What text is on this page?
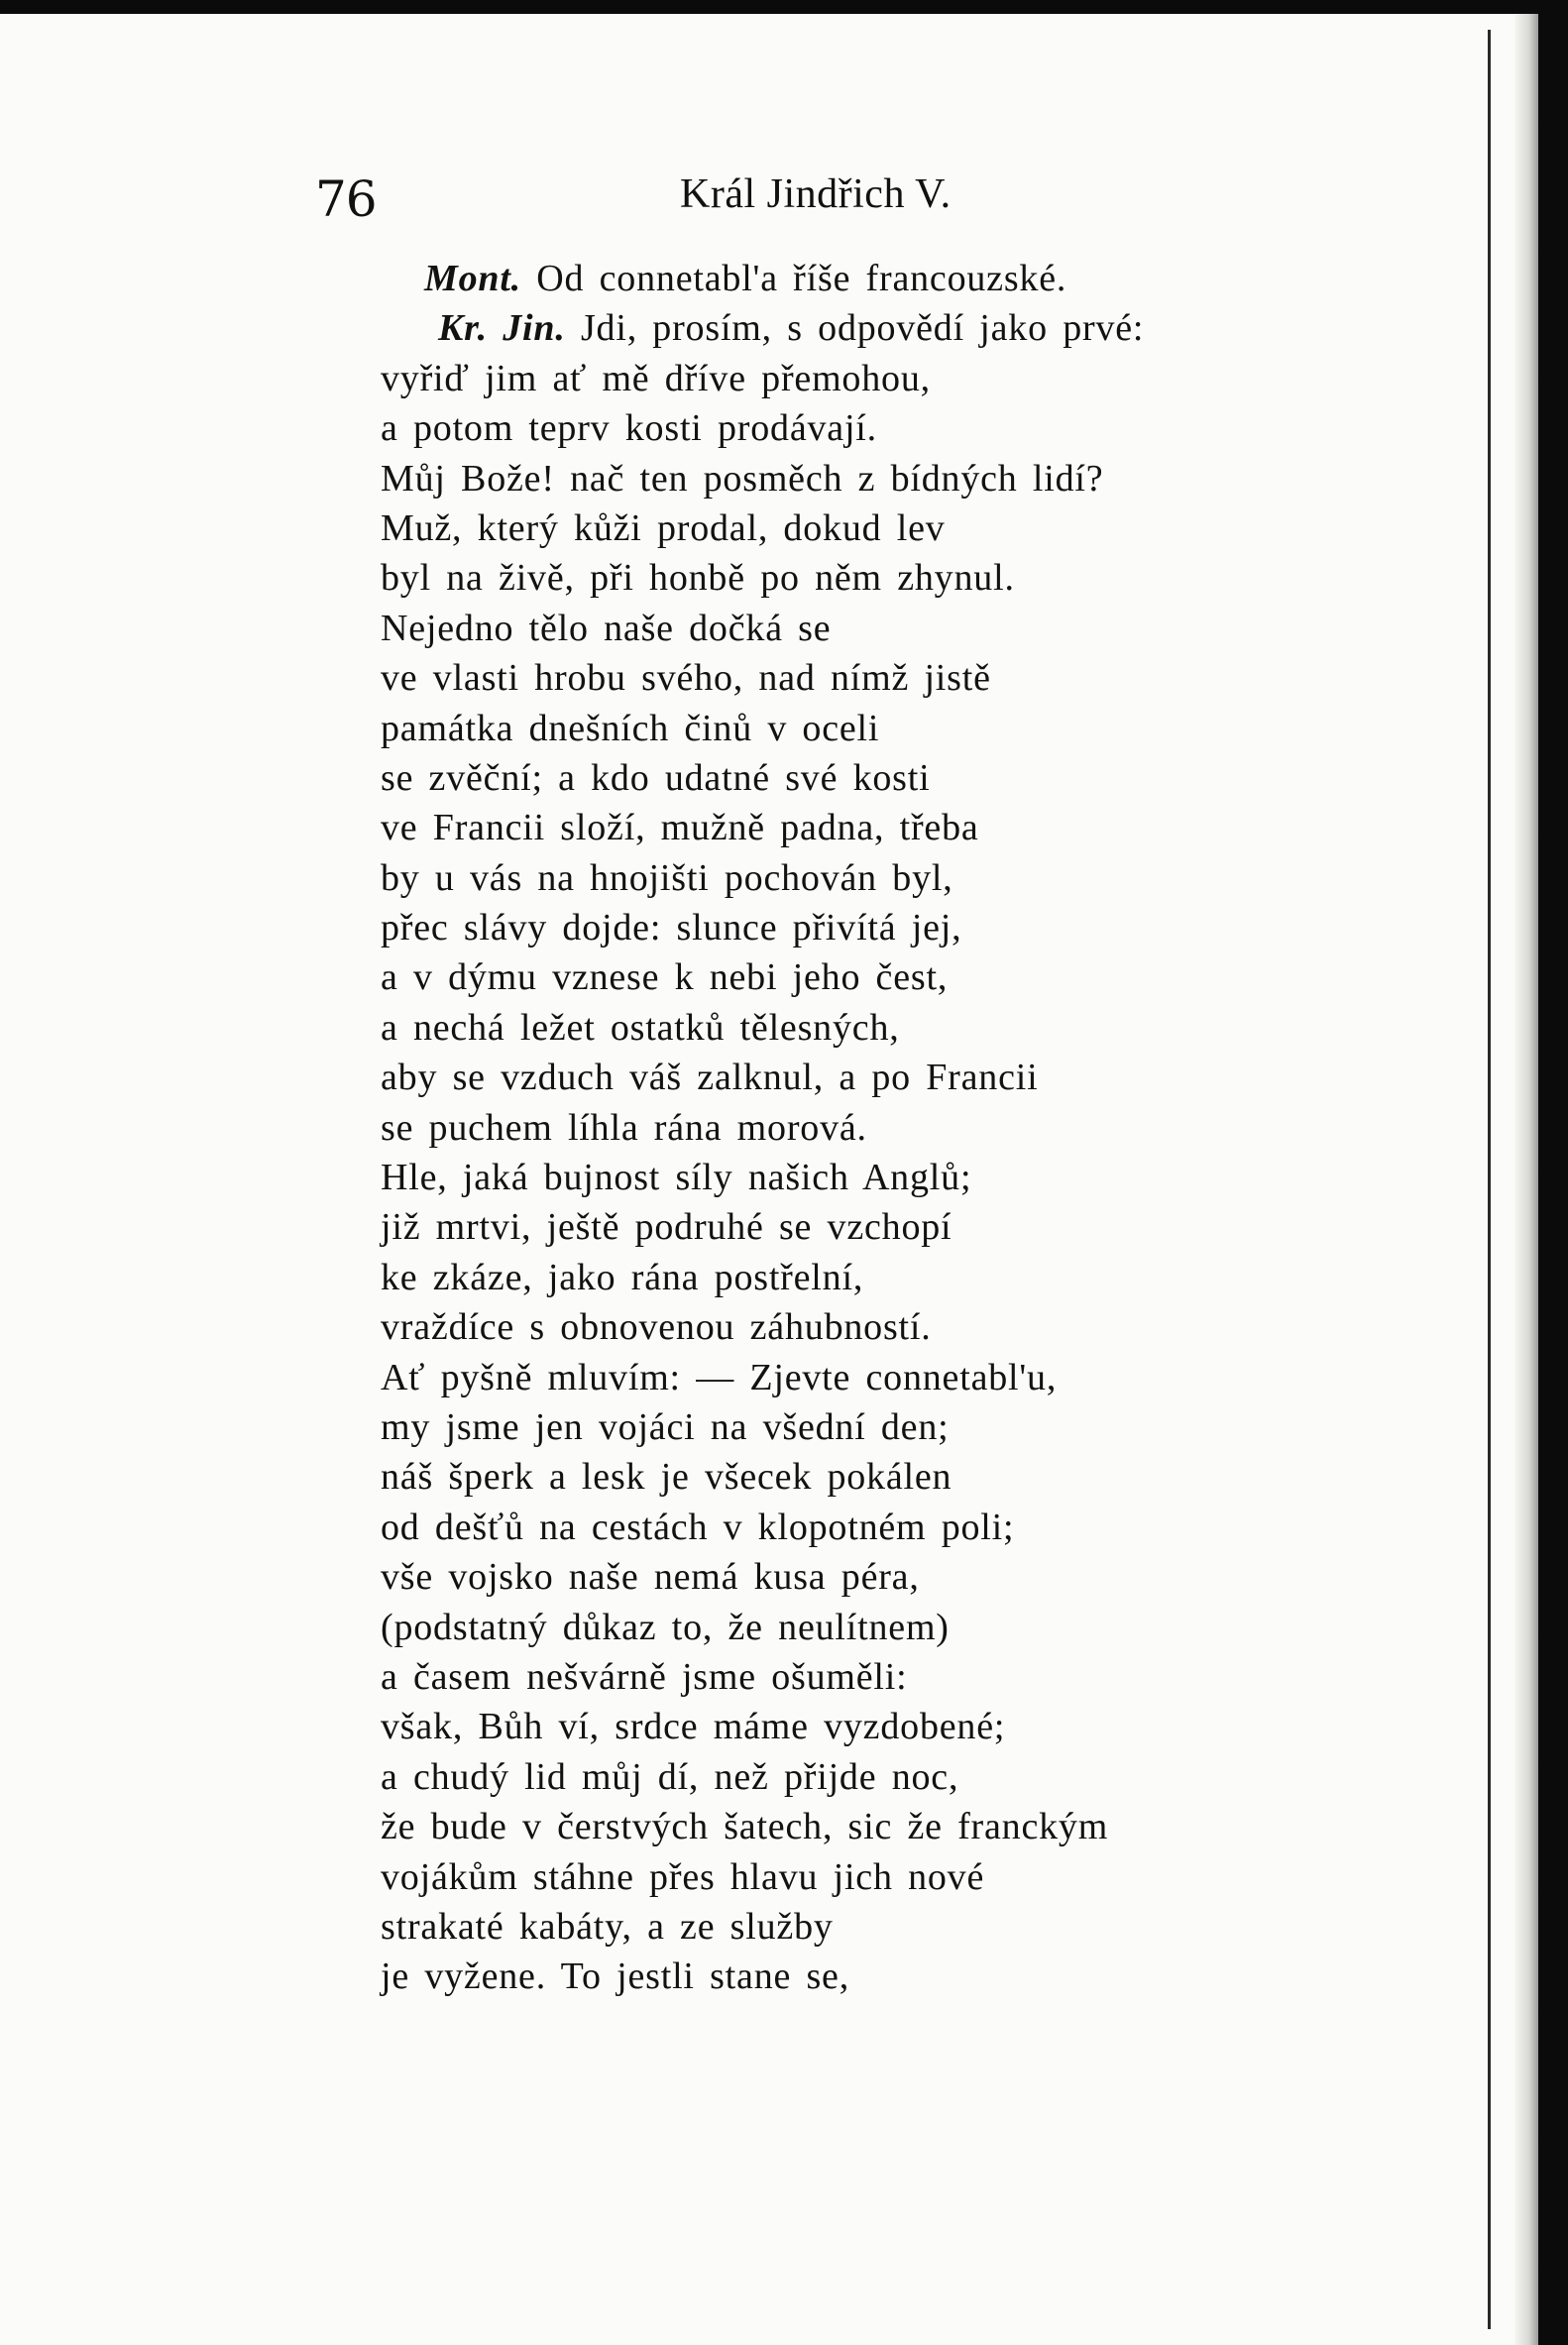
76	Král Jindřich V.
Mont. Od connetabl'a říše francouzské.
Kr. Jin. Jdi, prosím, s odpovědí jako prvé:
vyřiď jim ať mě dříve přemohou,
a potom teprv kosti prodávají.
Můj Bože! nač ten posměch z bídných lidí?
Muž, který kůži prodal, dokud lev
byl na živě, při honbě po něm zhynul.
Nejedno tělo naše dočká se
ve vlasti hrobu svého, nad nímž jistě
památka dnešních činů v oceli
se zvěční; a kdo udatné své kosti
ve Francii složí, mužně padna, třeba
by u vás na hnojišti pochován byl,
přec slávy dojde: slunce přivítá jej,
a v dýmu vznese k nebi jeho čest,
a nechá ležet ostatků tělesných,
aby se vzduch váš zalknul, a po Francii
se puchem líhla rána morová.
Hle, jaká bujnost síly našich Anglů;
již mrtvi, ještě podruhé se vzchopí
ke zkáze, jako rána postřelní,
vraždíce s obnovenou záhubností.
Ať pyšně mluvím: — Zjevte connetabl'u,
my jsme jen vojáci na všední den;
náš šperk a lesk je všecek pokálen
od dešťů na cestách v klopotném poli;
vše vojsko naše nemá kusa péra,
(podstatný důkaz to, že neulítnem)
a časem nešvárně jsme ošuměli:
však, Bůh ví, srdce máme vyzdobené;
a chudý lid můj dí, než přijde noc,
že bude v čerstvých šatech, sic že franckým
vojákům stáhne přes hlavu jich nové
strakaté kabáty, a ze služby
je vyžene. To jestli stane se,
